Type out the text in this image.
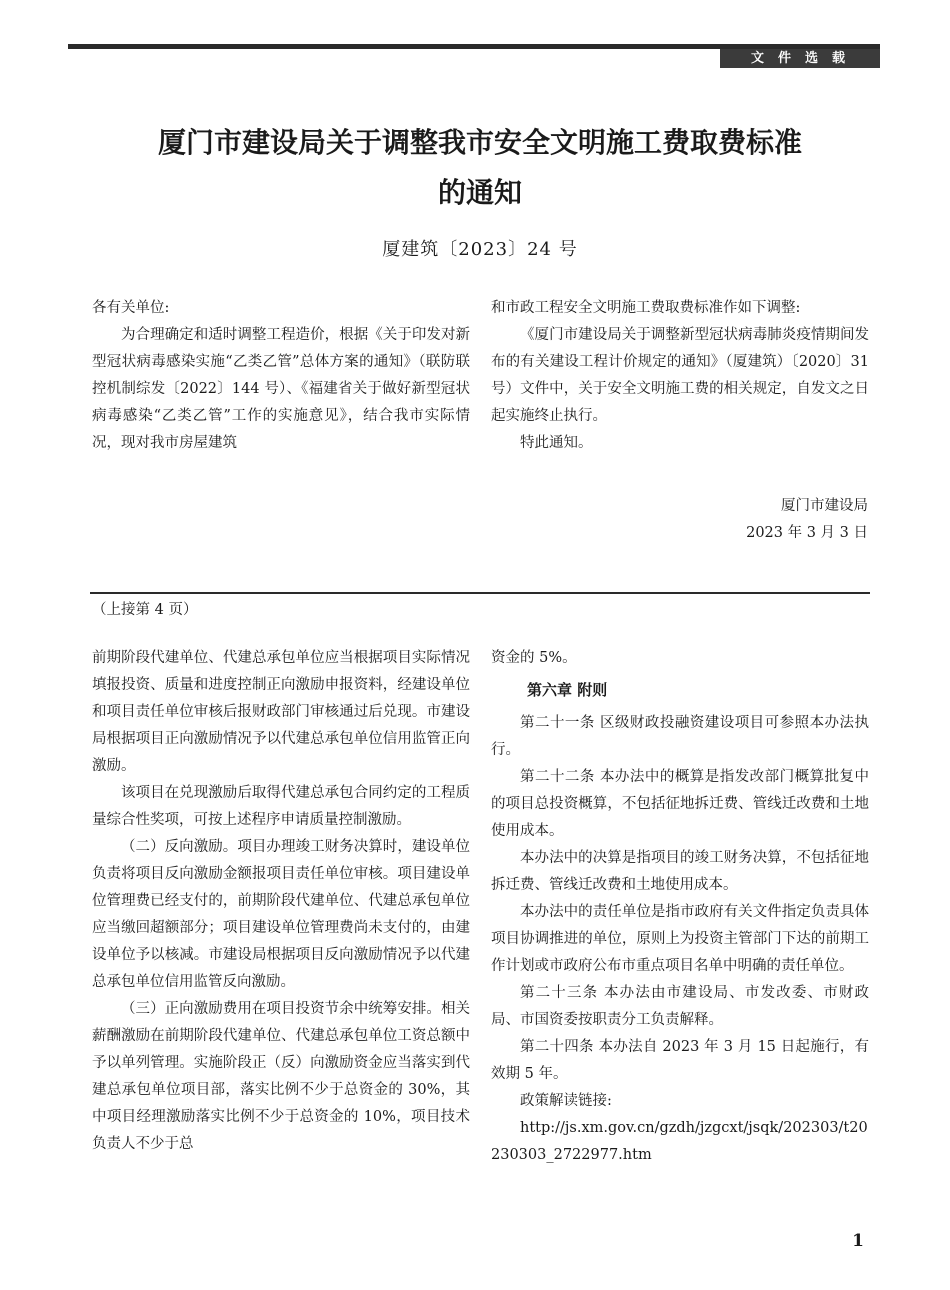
文件选载
厦门市建设局关于调整我市安全文明施工费取费标准
的通知
厦建筑〔2023〕24 号

各有关单位:

为合理确定和适时调整工程造价，根据《关于印发对新型冠状病毒感染实施“乙类乙管”总体方案的通知》（联防联控机制综发〔2022〕144 号）、《福建省关于做好新型冠状病毒感染“乙类乙管”工作的实施意见》，结合我市实际情况，现对我市房屋建筑

和市政工程安全文明施工费取费标准作如下调整:

《厦门市建设局关于调整新型冠状病毒肺炎疫情期间发布的有关建设工程计价规定的通知》（厦建筑）〔2020〕31 号）文件中，关于安全文明施工费的相关规定，自发文之日起实施终止执行。

特此通知。

厦门市建设局
2023 年 3 月 3 日
（上接第 4 页）

前期阶段代建单位、代建总承包单位应当根据项目实际情况填报投资、质量和进度控制正向激励申报资料，经建设单位和项目责任单位审核后报财政部门审核通过后兑现。市建设局根据项目正向激励情况予以代建总承包单位信用监管正向激励。

该项目在兑现激励后取得代建总承包合同约定的工程质量综合性奖项，可按上述程序申请质量控制激励。

（二）反向激励。项目办理竣工财务决算时，建设单位负责将项目反向激励金额报项目责任单位审核。项目建设单位管理费已经支付的，前期阶段代建单位、代建总承包单位应当缴回超额部分；项目建设单位管理费尚未支付的，由建设单位予以核减。市建设局根据项目反向激励情况予以代建总承包单位信用监管反向激励。

（三）正向激励费用在项目投资节余中统筹安排。相关薪酬激励在前期阶段代建单位、代建总承包单位工资总额中予以单列管理。实施阶段正（反）向激励资金应当落实到代建总承包单位项目部，落实比例不少于总资金的 30%，其中项目经理激励落实比例不少于总资金的 10%，项目技术负责人不少于总

资金的 5%。

第六章 附则

第二十一条 区级财政投融资建设项目可参照本办法执行。

第二十二条 本办法中的概算是指发改部门概算批复中的项目总投资概算，不包括征地拆迁费、管线迁改费和土地使用成本。

本办法中的决算是指项目的竣工财务决算，不包括征地拆迁费、管线迁改费和土地使用成本。

本办法中的责任单位是指市政府有关文件指定负责具体项目协调推进的单位，原则上为投资主管部门下达的前期工作计划或市政府公布市重点项目名单中明确的责任单位。

第二十三条 本办法由市建设局、市发改委、市财政局、市国资委按职责分工负责解释。

第二十四条 本办法自 2023 年 3 月 15 日起施行，有效期 5 年。

政策解读链接:

http://js.xm.gov.cn/gzdh/jzgcxt/jsqk/202303/t20230303_2722977.htm

1
